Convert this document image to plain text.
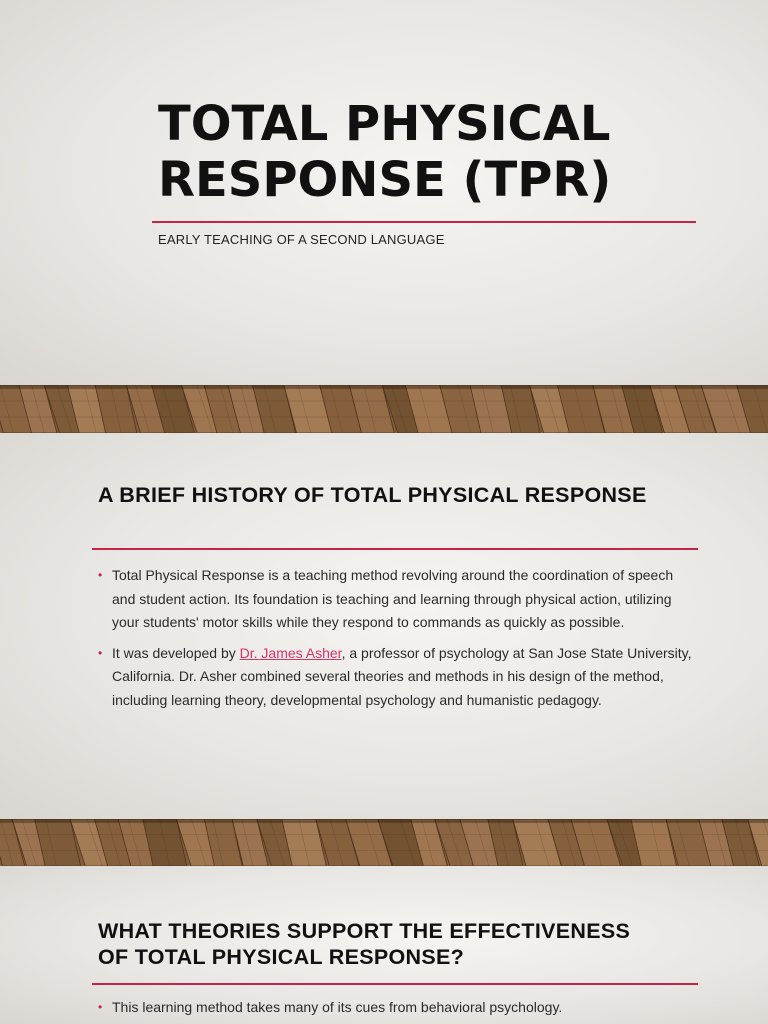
TOTAL PHYSICAL
RESPONSE (TPR)
EARLY TEACHING OF A SECOND LANGUAGE
A BRIEF HISTORY OF TOTAL PHYSICAL RESPONSE
• Total Physical Response is a teaching method revolving around the coordination of speech and student action. Its foundation is teaching and learning through physical action, utilizing your students' motor skills while they respond to commands as quickly as possible.
• It was developed by Dr. James Asher, a professor of psychology at San Jose State University, California. Dr. Asher combined several theories and methods in his design of the method, including learning theory, developmental psychology and humanistic pedagogy.
WHAT THEORIES SUPPORT THE EFFECTIVENESS
OF TOTAL PHYSICAL RESPONSE?
• This learning method takes many of its cues from behavioral psychology.
